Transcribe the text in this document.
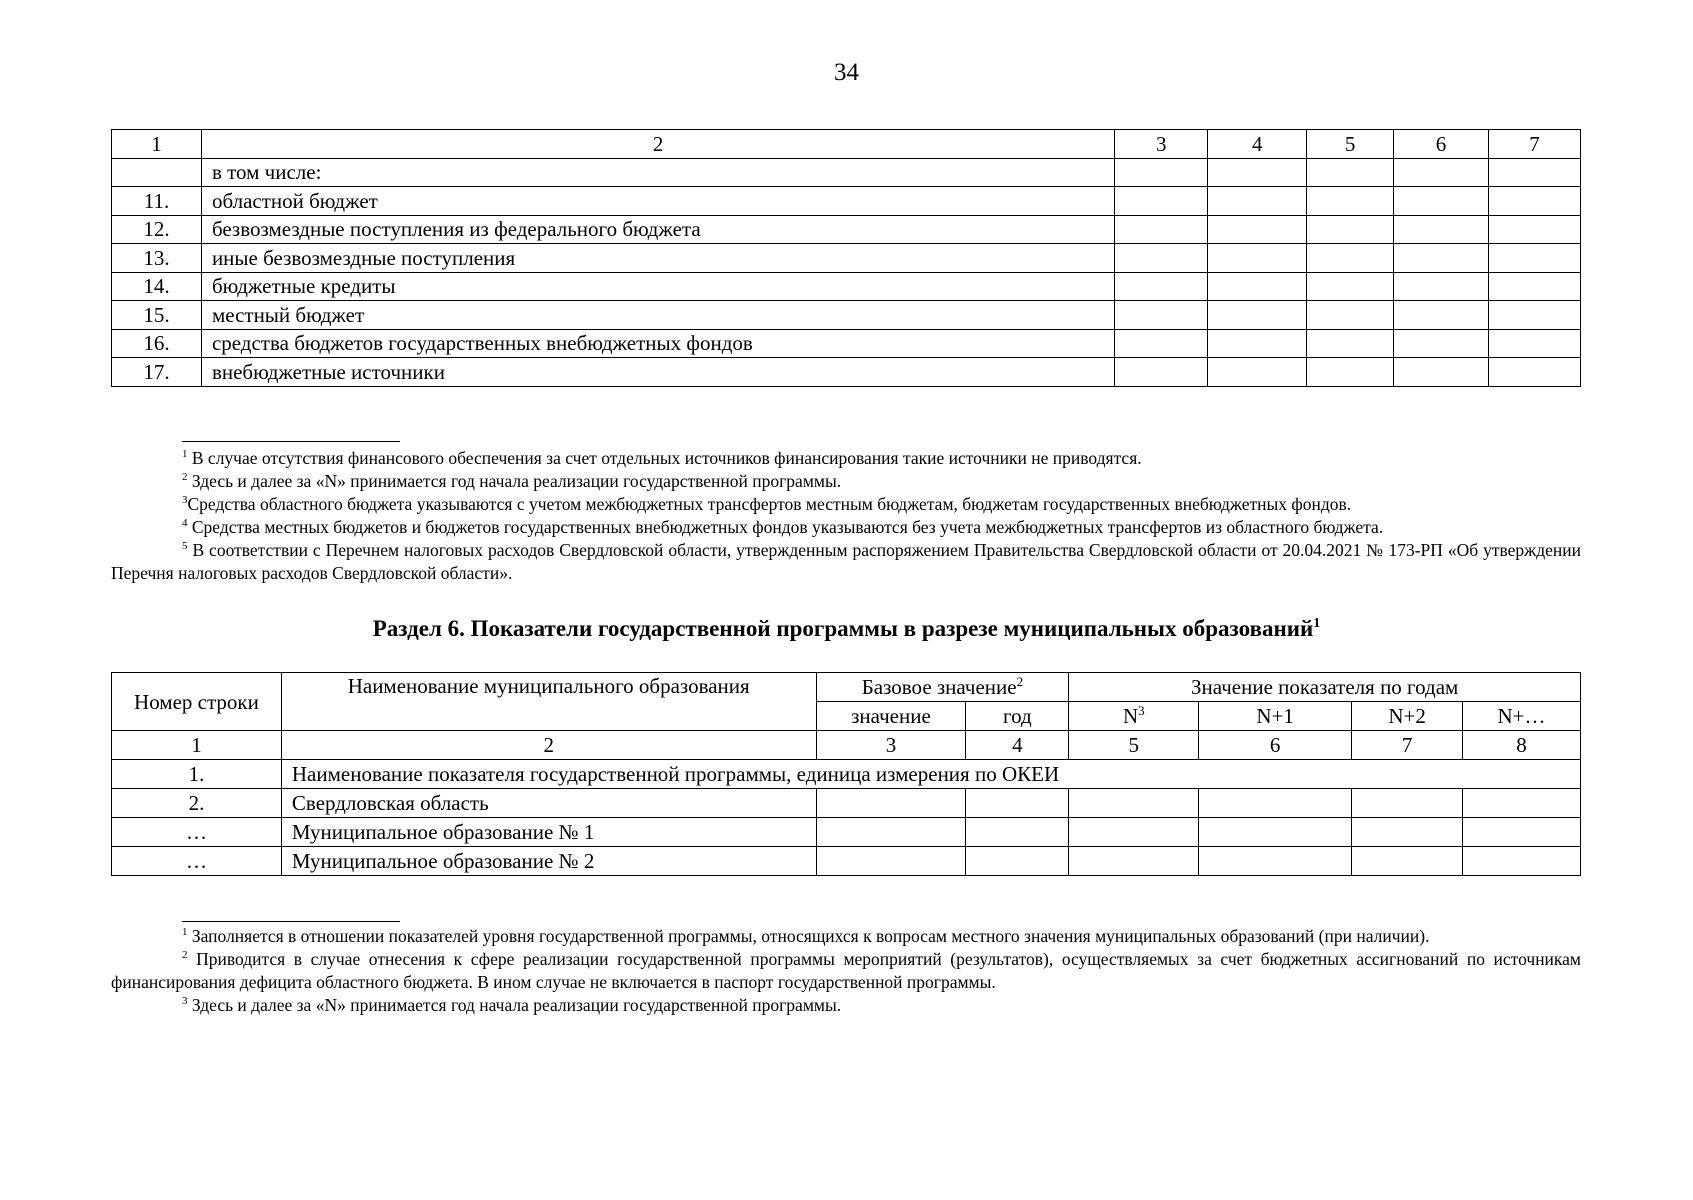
34
1	2	3	4	5	6	7
	в том числе:					
11.	областной бюджет					
12.	безвозмездные поступления из федерального бюджета					
13.	иные безвозмездные поступления					
14.	бюджетные кредиты					
15.	местный бюджет					
16.	средства бюджетов государственных внебюджетных фондов					
17.	внебюджетные источники					

$^1$ В случае отсутствия финансового обеспечения за счет отдельных источников финансирования такие источники не приводятся.

$^2$ Здесь и далее за «N» принимается год начала реализации государственной программы.

$^3$Средства областного бюджета указываются с учетом межбюджетных трансфертов местным бюджетам, бюджетам государственных внебюджетных фондов.

$^4$ Средства местных бюджетов и бюджетов государственных внебюджетных фондов указываются без учета межбюджетных трансфертов из областного бюджета.

$^5$ В соответствии с Перечнем налоговых расходов Свердловской области, утвержденным распоряжением Правительства Свердловской области от 20.04.2021 № 173-РП «Об утверждении Перечня налоговых расходов Свердловской области».

Раздел 6. Показатели государственной программы в разрезе муниципальных образований$^1$
Номер строки	Наименование муниципального образования	Базовое значение$^2$		Значение показателя по годам			
		значение	год	$N^3$	N+1	N+2	N+…
1	2	3	4	5	6	7	8
1.	Наименование показателя государственной программы, единица измерения по ОКЕИ						
2.	Свердловская область						
…	Муниципальное образование № 1						
…	Муниципальное образование № 2						

$^1$ Заполняется в отношении показателей уровня государственной программы, относящихся к вопросам местного значения муниципальных образований (при наличии).

$^2$ Приводится в случае отнесения к сфере реализации государственной программы мероприятий (результатов), осуществляемых за счет бюджетных ассигнований по источникам финансирования дефицита областного бюджета. В ином случае не включается в паспорт государственной программы.

$^3$ Здесь и далее за «N» принимается год начала реализации государственной программы.
